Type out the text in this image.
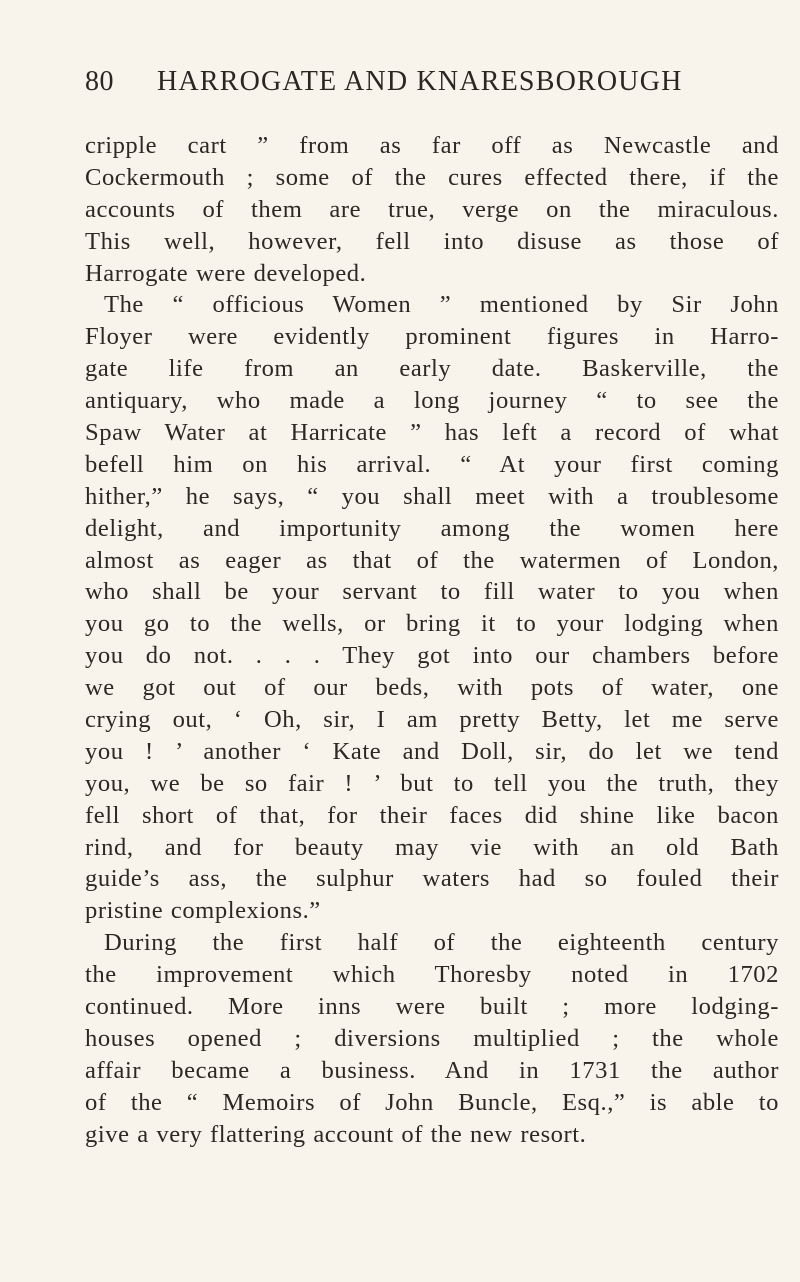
80 HARROGATE AND KNARESBOROUGH
cripple cart ” from as far off as Newcastle and
Cockermouth ; some of the cures effected there, if the
accounts of them are true, verge on the miraculous.
This well, however, fell into disuse as those of
Harrogate were developed.
The “ officious Women ” mentioned by Sir John
Floyer were evidently prominent figures in Harro-
gate life from an early date. Baskerville, the
antiquary, who made a long journey “ to see the
Spaw Water at Harricate ” has left a record of what
befell him on his arrival. “ At your first coming
hither,” he says, “ you shall meet with a troublesome
delight, and importunity among the women here
almost as eager as that of the watermen of London,
who shall be your servant to fill water to you when
you go to the wells, or bring it to your lodging when
you do not. . . . They got into our chambers before
we got out of our beds, with pots of water, one
crying out, ‘ Oh, sir, I am pretty Betty, let me serve
you ! ’ another ‘ Kate and Doll, sir, do let we tend
you, we be so fair ! ’ but to tell you the truth, they
fell short of that, for their faces did shine like bacon
rind, and for beauty may vie with an old Bath
guide’s ass, the sulphur waters had so fouled their
pristine complexions.”
During the first half of the eighteenth century
the improvement which Thoresby noted in 1702
continued. More inns were built ; more lodging-
houses opened ; diversions multiplied ; the whole
affair became a business. And in 1731 the author
of the “ Memoirs of John Buncle, Esq.,” is able to
give a very flattering account of the new resort.
